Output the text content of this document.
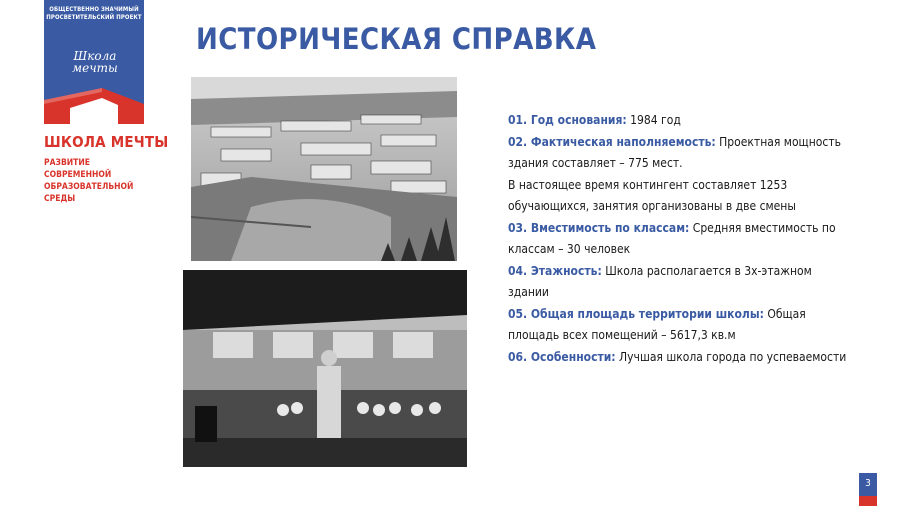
ОБЩЕСТВЕННО ЗНАЧИМЫЙ
ПРОСВЕТИТЕЛЬСКИЙ ПРОЕКТ
Школа
мечты
ШКОЛА МЕЧТЫ
РАЗВИТИЕ СОВРЕМЕННОЙ
ОБРАЗОВАТЕЛЬНОЙ СРЕДЫ
ИСТОРИЧЕСКАЯ СПРАВКА

01. Год основания: 1984 год

02. Фактическая наполняемость: Проектная мощность здания составляет – 775 мест.

В настоящее время контингент составляет 1253 обучающихся, занятия организованы в две смены

03. Вместимость по классам: Средняя вместимость по классам – 30 человек

04. Этажность: Школа располагается в 3х-этажном здании

05. Общая площадь территории школы: Общая площадь всех помещений – 5617,3 кв.м

06. Особенности: Лучшая школа города по успеваемости

3
